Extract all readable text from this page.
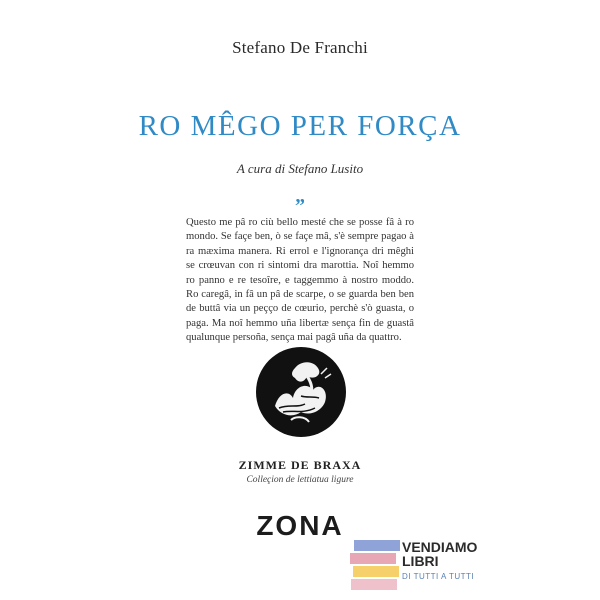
Stefano De Franchi
RO MÊGO PER FORÇA
A cura di Stefano Lusito
”
Questo me pâ ro ciù bello mesté che se posse fâ à ro mondo. Se façe ben, ò se façe mâ, s'è sempre pagao à ra mæxima manera. Ri errol e l'ignorança dri mêghi se crœuvan con ri sintomi dra marottia. Noî hemmo ro panno e re tesoîre, e taggemmo à nostro moddo. Ro caregâ, in fâ un pâ de scarpe, o se guarda ben ben de buttâ via un peçço de cœurio, perchè s'ò guasta, o paga. Ma noî hemmo uña libertæ sença fin de guastâ qualunque persoña, sença mai pagâ uña da quattro.
ZIMME DE BRAXA
Colleçion de lettiatua ligure
ZONA
VENDIAMO
LIBRI
DI TUTTI A TUTTI
